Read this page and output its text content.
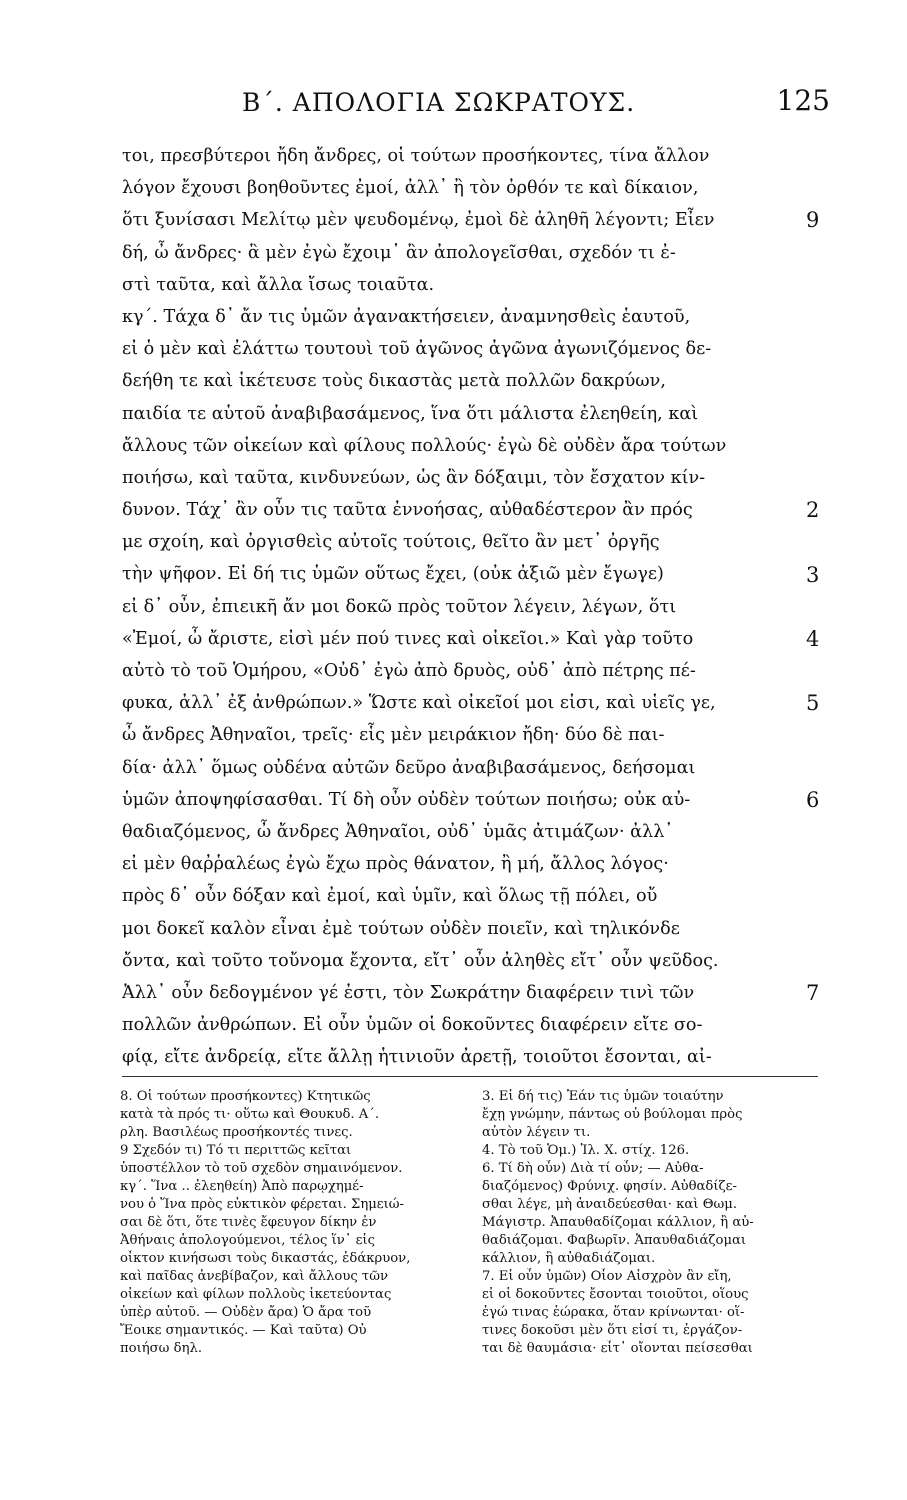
Β΄. ΑΠΟΛΟΓΙΑ ΣΩΚΡΑΤΟΥΣ.	125
τοι, πρεσβύτεροι ἤδη ἄνδρες, οἱ τούτων προσήκοντες, τίνα ἄλλον
λόγον ἔχουσι βοηθοῦντες ἐμοί, ἀλλ᾽ ἢ τὸν ὀρθόν τε καὶ δίκαιον,
ὅτι ξυνίσασι Μελίτῳ μὲν ψευδομένῳ, ἐμοὶ δὲ ἀληθῆ λέγοντι; Εἶεν
δή, ὦ ἄνδρες· ἃ μὲν ἐγὼ ἔχοιμ᾽ ἂν ἀπολογεῖσθαι, σχεδόν τι ἐ-
στὶ ταῦτα, καὶ ἄλλα ἴσως τοιαῦτα.
κγ΄. Τάχα δ᾽ ἄν τις ὑμῶν ἀγανακτήσειεν, ἀναμνησθεὶς ἑαυτοῦ,
εἰ ὁ μὲν καὶ ἐλάττω τουτουὶ τοῦ ἀγῶνος ἀγῶνα ἀγωνιζόμενος δε-
δεήθη τε καὶ ἱκέτευσε τοὺς δικαστὰς μετὰ πολλῶν δακρύων,
παιδία τε αὑτοῦ ἀναβιβασάμενος, ἵνα ὅτι μάλιστα ἐλεηθείη, καὶ
ἄλλους τῶν οἰκείων καὶ φίλους πολλούς· ἐγὼ δὲ οὐδὲν ἄρα τούτων
ποιήσω, καὶ ταῦτα, κινδυνεύων, ὡς ἂν δόξαιμι, τὸν ἔσχατον κίν-
δυνον. Τάχ᾽ ἂν οὖν τις ταῦτα ἐννοήσας, αὐθαδέστερον ἂν πρός
με σχοίη, καὶ ὀργισθεὶς αὐτοῖς τούτοις, θεῖτο ἂν μετ᾽ ὀργῆς
τὴν ψῆφον. Εἰ δή τις ὑμῶν οὕτως ἔχει, (οὐκ ἀξιῶ μὲν ἔγωγε)
εἰ δ᾽ οὖν, ἐπιεικῆ ἄν μοι δοκῶ πρὸς τοῦτον λέγειν, λέγων, ὅτι
«Ἐμοί, ὦ ἄριστε, εἰσὶ μέν πού τινες καὶ οἰκεῖοι.» Καὶ γὰρ τοῦτο
αὐτὸ τὸ τοῦ Ὁμήρου, «Οὐδ᾽ ἐγὼ ἀπὸ δρυὸς, οὐδ᾽ ἀπὸ πέτρης πέ-
φυκα, ἀλλ᾽ ἐξ ἀνθρώπων.» Ὥστε καὶ οἰκεῖοί μοι εἰσι, καὶ υἱεῖς γε,
ὦ ἄνδρες Ἀθηναῖοι, τρεῖς· εἷς μὲν μειράκιον ἤδη· δύο δὲ παι-
δία· ἀλλ᾽ ὅμως οὐδένα αὐτῶν δεῦρο ἀναβιβασάμενος, δεήσομαι
ὑμῶν ἀποψηφίσασθαι. Τί δὴ οὖν οὐδὲν τούτων ποιήσω; οὐκ αὐ-
θαδιαζόμενος, ὦ ἄνδρες Ἀθηναῖοι, οὐδ᾽ ὑμᾶς ἀτιμάζων· ἀλλ᾽
εἰ μὲν θαῤῥαλέως ἐγὼ ἔχω πρὸς θάνατον, ἢ μή, ἄλλος λόγος·
πρὸς δ᾽ οὖν δόξαν καὶ ἐμοί, καὶ ὑμῖν, καὶ ὅλως τῇ πόλει, οὔ
μοι δοκεῖ καλὸν εἶναι ἐμὲ τούτων οὐδὲν ποιεῖν, καὶ τηλικόνδε
ὄντα, καὶ τοῦτο τοὔνομα ἔχοντα, εἴτ᾽ οὖν ἀληθὲς εἴτ᾽ οὖν ψεῦδος.
Ἀλλ᾽ οὖν δεδογμένον γέ ἐστι, τὸν Σωκράτην διαφέρειν τινὶ τῶν
πολλῶν ἀνθρώπων. Εἰ οὖν ὑμῶν οἱ δοκοῦντες διαφέρειν εἴτε σο-
φίᾳ, εἴτε ἀνδρείᾳ, εἴτε ἄλλῃ ἡτινιοῦν ἀρετῇ, τοιοῦτοι ἔσονται, αἰ-
9
2
3
4
5
6
7
8. Οἱ τούτων προσήκοντες) Κτητικῶς
κατὰ τὰ πρός τι· οὕτω καὶ Θουκυδ. Α΄.
ρλη. Βασιλέως προσήκοντές τινες.
9 Σχεδόν τι) Τό τι περιττῶς κεῖται
ὑποστέλλον τὸ τοῦ σχεδὸν σημαινόμενον.
κγ΄. Ἵνα .. ἐλεηθείη) Ἀπὸ παρῳχημέ-
νου ὁ Ἵνα πρὸς εὐκτικὸν φέρεται. Σημειώ-
σαι δὲ ὅτι, ὅτε τινὲς ἔφευγον δίκην ἐν
Ἀθήναις ἀπολογούμενοι, τέλος ἵν᾽ εἰς
οἶκτον κινήσωσι τοὺς δικαστάς, ἐδάκρυον,
καὶ παῖδας ἀνεβίβαζον, καὶ ἄλλους τῶν
οἰκείων καὶ φίλων πολλοὺς ἱκετεύοντας
ὑπὲρ αὐτοῦ. — Οὐδὲν ἄρα) Ὁ ἄρα τοῦ
Ἔοικε σημαντικός. — Καὶ ταῦτα) Οὐ
ποιήσω δηλ.
3. Εἰ δή τις) Ἐάν τις ὑμῶν τοιαύτην
ἔχῃ γνώμην, πάντως οὐ βούλομαι πρὸς
αὐτὸν λέγειν τι.
4. Τὸ τοῦ Ὁμ.) Ἰλ. Χ. στίχ. 126.
6. Τί δὴ οὖν) Διὰ τί οὖν; — Αὐθα-
διαζόμενος) Φρύνιχ. φησίν. Αὐθαδίζε-
σθαι λέγε, μὴ ἀναιδεύεσθαι· καὶ Θωμ.
Μάγιστρ. Ἀπαυθαδίζομαι κάλλιον, ἢ αὐ-
θαδιάζομαι. Φαβωρῖν. Ἀπαυθαδιάζομαι
κάλλιον, ἢ αὐθαδιάζομαι.
7. Εἰ οὖν ὑμῶν) Οἷον Αἰσχρὸν ἂν εἴη,
εἰ οἱ δοκοῦντες ἔσονται τοιοῦτοι, οἵους
ἐγώ τινας ἑώρακα, ὅταν κρίνωνται· οἵ-
τινες δοκοῦσι μὲν ὅτι εἰσί τι, ἐργάζον-
ται δὲ θαυμάσια· εἶτ᾽ οἴονται πείσεσθαι
